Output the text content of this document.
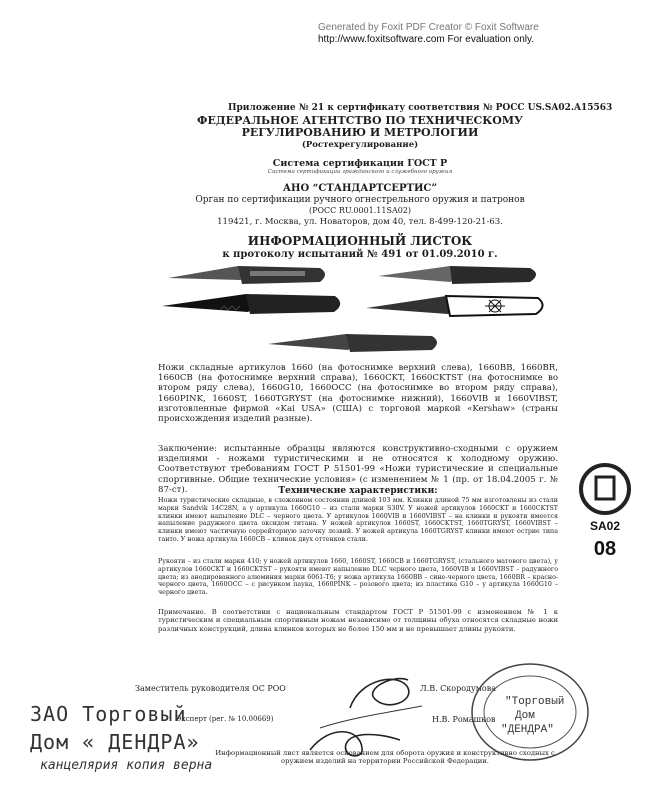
Generated by Foxit PDF Creator © Foxit Software
http://www.foxitsoftware.com For evaluation only.
Приложение № 21 к сертификату соответствия № РОСС US.SA02.A15563
ФЕДЕРАЛЬНОЕ АГЕНТСТВО ПО ТЕХНИЧЕСКОМУ
РЕГУЛИРОВАНИЮ И МЕТРОЛОГИИ
(Ростехрегулирование)
Система сертификации ГОСТ Р
Система сертификации гражданского и служебного оружия
АНО “СТАНДАРТСЕРТИС”
Орган по сертификации ручного огнестрельного оружия и патронов
(РОСС RU.0001.11SA02)
119421, г. Москва, ул. Новаторов, дом 40, тел. 8-499-120-21-63.
ИНФОРМАЦИОННЫЙ ЛИСТОК
к протоколу испытаний № 491 от 01.09.2010 г.
Ножи складные артикулов 1660 (на фотоснимке верхний слева), 1660BB, 1660BR, 1660CB (на фотоснимке верхний справа), 1660CKT, 1660CKTST (на фотоснимке во втором ряду слева), 1660G10, 1660OCC (на фотоснимке во втором ряду справа), 1660PINK, 1660ST, 1660TGRYST (на фотоснимке нижний), 1660VIB и 1660VIBST, изготовленные фирмой «Kai USA» (США) с торговой маркой «Kershaw» (страны происхождения изделий разные).
Заключение: испытанные образцы являются конструктивно-сходными с оружием изделиями - ножами туристическими и не относятся к холодному оружию. Соответствуют требованиям ГОСТ Р 51501-99 «Ножи туристические и специальные спортивные. Общие технические условия» (с изменением № 1 (пр. от 18.04.2005 г. № 87-ст).	Технические характеристики:
Ножи туристические складные, в сложенном состоянии длиной 103 мм. Клинки длиной 75 мм изготовлены из стали марки Sandvik 14C28N, а у артикула 1660G10 – из стали марки S30V. У ножей артикулов 1660CKT и 1660CKTST клинки имеют напыление DLC – черного цвета. У артикулов 1660VIB и 1660VIBST – на клинки и рукояти имеется напыление радужного цвета оксидом титана. У ножей артикулов 1660ST, 1660CKTST, 1660TGRYST, 1660VIBST – клинки имеют частичную серрейторную заточку лезвий. У ножей артикула 1660TGRYST клинки имеют острие типа танто. У ножа артикула 1660CB – клинок двух оттенков стали.
Рукояти – из стали марки 410; у ножей артикулов 1660, 1660ST, 1660CB и 1660TGRYST, (стального матового цвета), у артикулов 1660CKT и 1660CKTST – рукояти имеют напыление DLC черного цвета, 1660VIB и 1660VIBST – радужного цвета; из анодированного алюминия марки 6061-T6; у ножа артикула 1660BB – сине-черного цвета, 1660BR – красно-черного цвета, 1660OCC – с рисунком паука, 1660PINK – розового цвета; из пластика G10 – у артикула 1660G10 – черного цвета.
Примечание. В соответствии с национальным стандартом ГОСТ Р 51501-99 с изменением № 1 к туристическим и специальным спортивным ножам независимо от толщины обуха относятся складные ножи различных конструкций, длина клинков которых не более 150 мм и не превышает длины рукояти.
Заместитель руководителя ОС РОО	Л.В. Скородумова
Эксперт (рег. № 10.00669)	Н.В. Ромашков
"Торговый
Дом
"ДЕНДРА"
ЗАО Торговый
Дом « ДЕНДРА»
канцелярия копия верна
SA02
08
Информационный лист является основанием для оборота оружия и конструктивно сходных с оружием изделий на территории Российской Федерации.
